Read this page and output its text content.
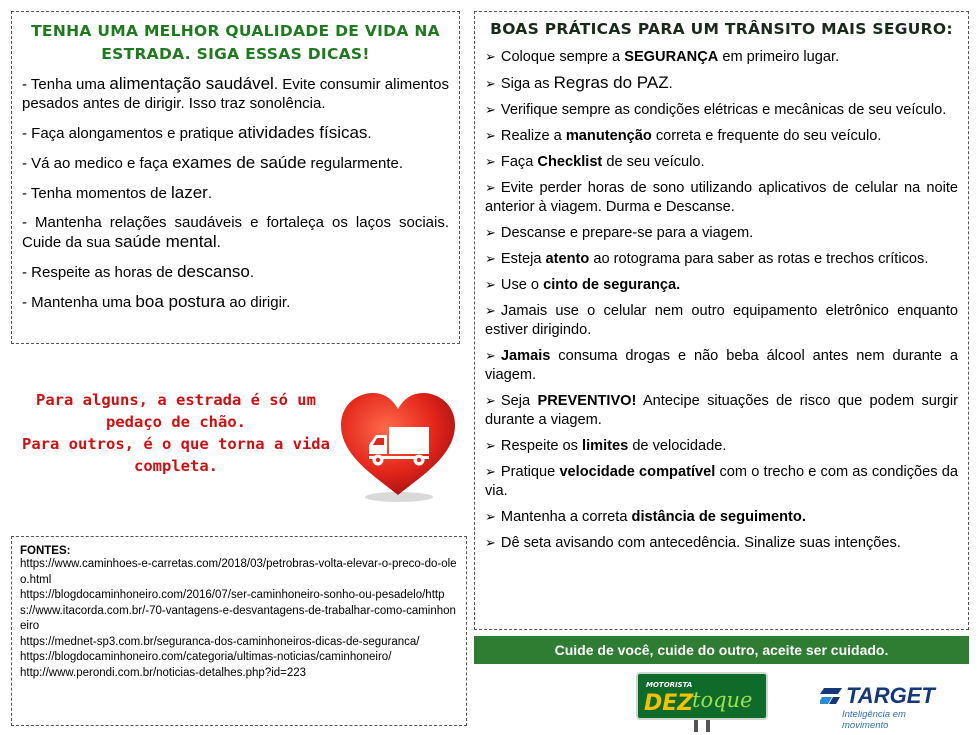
TENHA UMA MELHOR QUALIDADE DE VIDA NA
ESTRADA. SIGA ESSAS DICAS!

- Tenha uma alimentação saudável. Evite consumir alimentos pesados antes de dirigir. Isso traz sonolência.

- Faça alongamentos e pratique atividades físicas.

- Vá ao medico e faça exames de saúde regularmente.

- Tenha momentos de lazer.

- Mantenha relações saudáveis e fortaleça os laços sociais. Cuide da sua saúde mental.

- Respeite as horas de descanso.

- Mantenha uma boa postura ao dirigir.

BOAS PRÁTICAS PARA UM TRÂNSITO MAIS SEGURO:

➢ Coloque sempre a SEGURANÇA em primeiro lugar.

➢ Siga as Regras do PAZ.

➢ Verifique sempre as condições elétricas e mecânicas de seu veículo.

➢ Realize a manutenção correta e frequente do seu veículo.

➢ Faça Checklist de seu veículo.

➢ Evite perder horas de sono utilizando aplicativos de celular na noite anterior à viagem. Durma e Descanse.

➢ Descanse e prepare-se para a viagem.

➢ Esteja atento ao rotograma para saber as rotas e trechos críticos.

➢ Use o cinto de segurança.

➢ Jamais use o celular nem outro equipamento eletrônico enquanto estiver dirigindo.

➢ Jamais consuma drogas e não beba álcool antes nem durante a viagem.

➢ Seja PREVENTIVO! Antecipe situações de risco que podem surgir durante a viagem.

➢ Respeite os limites de velocidade.

➢ Pratique velocidade compatível com o trecho e com as condições da via.

➢ Mantenha a correta distância de seguimento.

➢ Dê seta avisando com antecedência. Sinalize suas intenções.

Para alguns, a estrada é só um
pedaço de chão.
Para outros, é o que torna a vida
completa.
FONTES:
https://www.caminhoes-e-carretas.com/2018/03/petrobras-volta-elevar-o-preco-do-oleo.html
https://blogdocaminhoneiro.com/2016/07/ser-caminhoneiro-sonho-ou-pesadelo/https://www.itacorda.com.br/-70-vantagens-e-desvantagens-de-trabalhar-como-caminhoneiro
https://mednet-sp3.com.br/seguranca-dos-caminhoneiros-dicas-de-seguranca/
https://blogdocaminhoneiro.com/categoria/ultimas-noticias/caminhoneiro/
http://www.perondi.com.br/noticias-detalhes.php?id=223
Cuide de você, cuide do outro, aceite ser cuidado.
MOTORISTA
DEZ
toque	TARGET
Inteligência em movimento
